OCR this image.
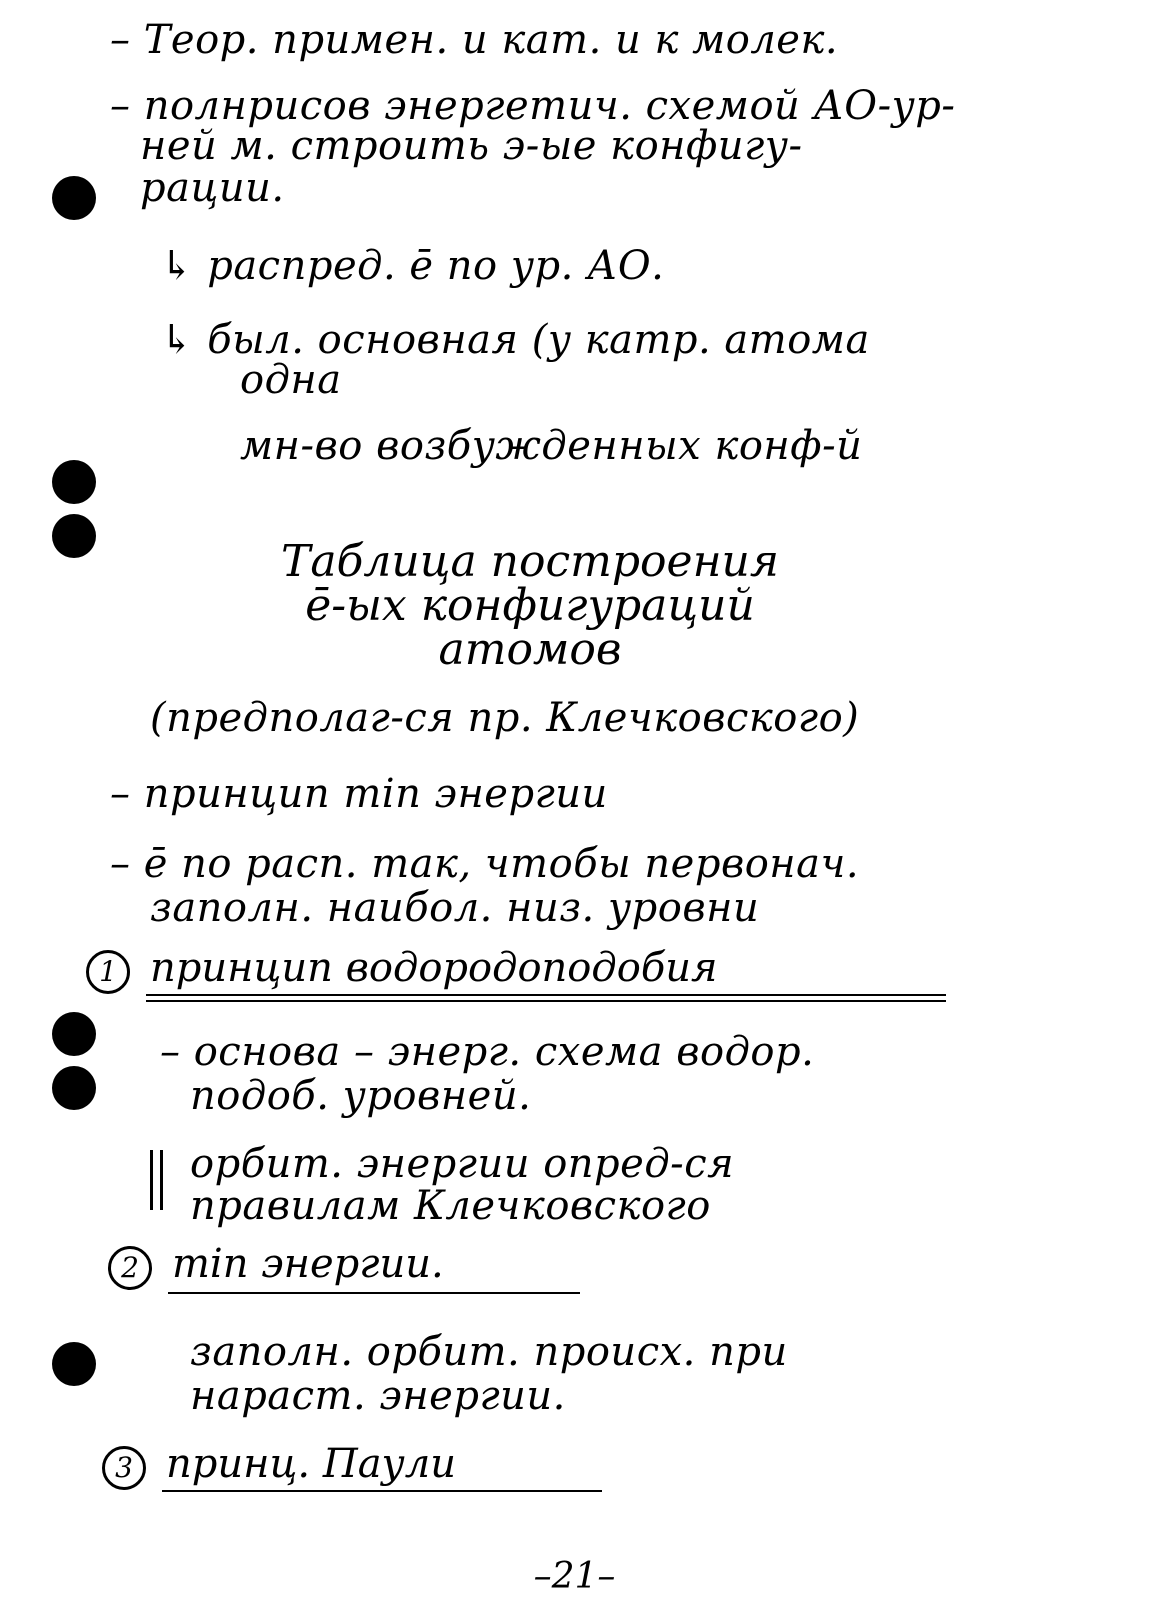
– Теор. примен. и кат. и к молек.
– полнрисов энергетич. схемой АО-ур-
ней м. строить э-ые конфигу-
рации.
↳ распред. ē по ур. АО.
↳ был. основная (у катр. атома
одна
мн-во возбужденных конф-й
Таблица построения
ē-ых конфигураций
атомов
(предполаг-ся пр. Клечковского)
– принцип min энергии
– ē по расп. так, чтобы первонач.
заполн. наибол. низ. уровни
1 принцип водородоподобия
– основа – энерг. схема водор.
подоб. уровней.
орбит. энергии опред-ся
правилам Клечковского
2 min энергии.
заполн. орбит. происх. при
нараст. энергии.
3 принц. Паули
–21–
